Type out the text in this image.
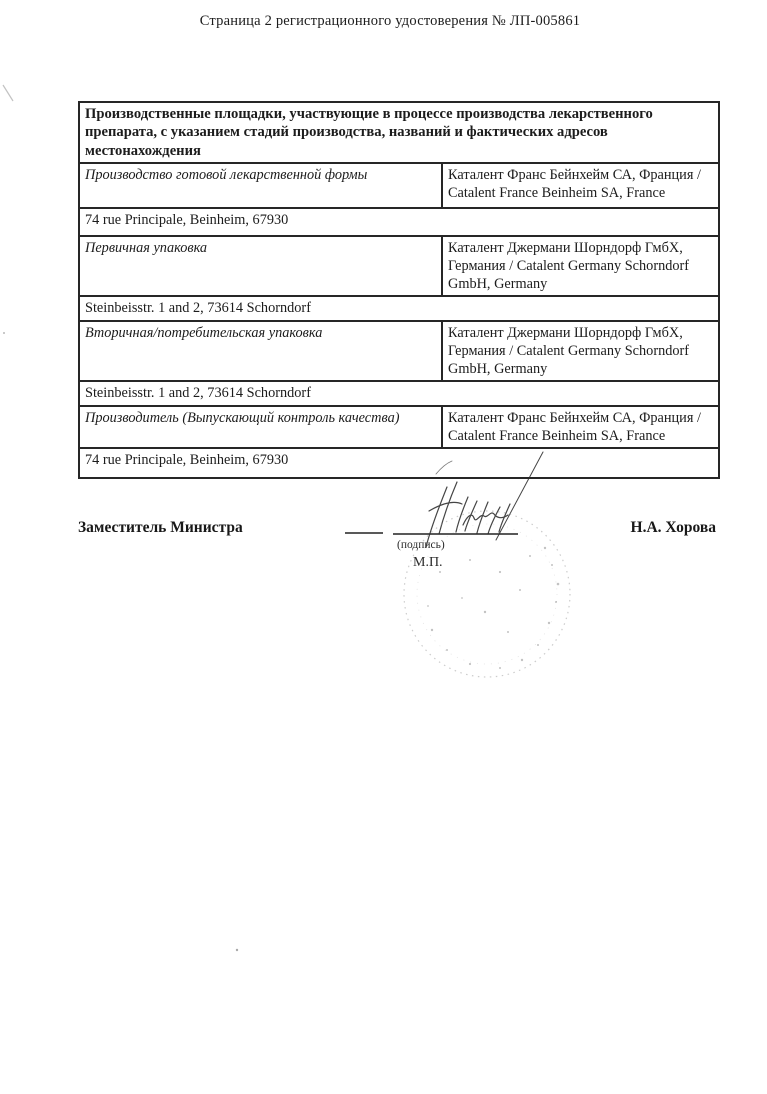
Страница 2 регистрационного удостоверения № ЛП-005861
Производственные площадки, участвующие в процессе производства лекарственного препарата, с указанием стадий производства, названий и фактических адресов местонахождения	
Производство готовой лекарственной формы	Каталент Франс Бейнхейм СА, Франция / Catalent France Beinheim SA, France
74 rue Principale, Beinheim, 67930	
Первичная упаковка	Каталент Джермани Шорндорф ГмбХ, Германия / Catalent Germany Schorndorf GmbH, Germany
Steinbeisstr. 1 and 2, 73614 Schorndorf	
Вторичная/потребительская упаковка	Каталент Джермани Шорндорф ГмбХ, Германия / Catalent Germany Schorndorf GmbH, Germany
Steinbeisstr. 1 and 2, 73614 Schorndorf	
Производитель (Выпускающий контроль качества)	Каталент Франс Бейнхейм СА, Франция / Catalent France Beinheim SA, France
74 rue Principale, Beinheim, 67930	
Заместитель Министра	Н.А. Хорова
(подпись)
М.П.
